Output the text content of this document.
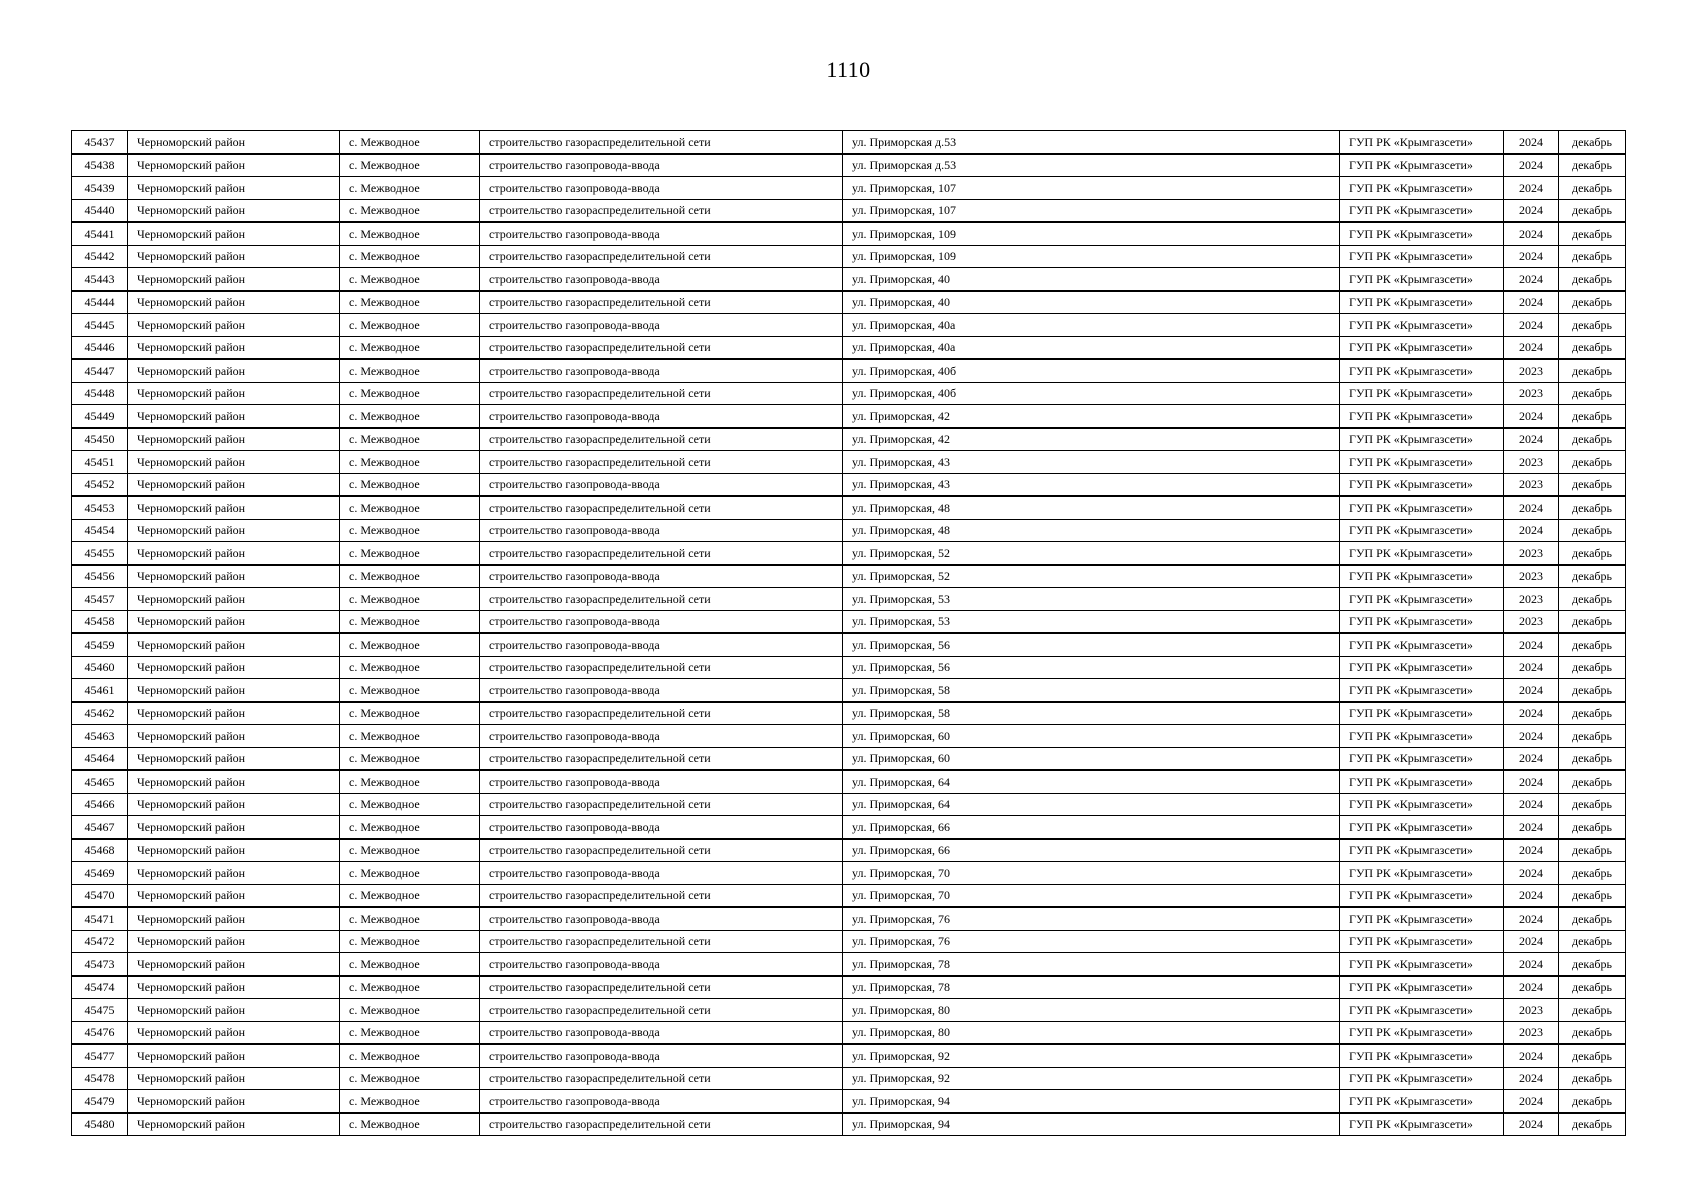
1110
45437	Черноморский район	с. Межводное	строительство газораспределительной сети	ул. Приморская д.53	ГУП РК «Крымгазсети»	2024	декабрь
45438	Черноморский район	с. Межводное	строительство газопровода-ввода	ул. Приморская д.53	ГУП РК «Крымгазсети»	2024	декабрь
45439	Черноморский район	с. Межводное	строительство газопровода-ввода	ул. Приморская, 107	ГУП РК «Крымгазсети»	2024	декабрь
45440	Черноморский район	с. Межводное	строительство газораспределительной сети	ул. Приморская, 107	ГУП РК «Крымгазсети»	2024	декабрь
45441	Черноморский район	с. Межводное	строительство газопровода-ввода	ул. Приморская, 109	ГУП РК «Крымгазсети»	2024	декабрь
45442	Черноморский район	с. Межводное	строительство газораспределительной сети	ул. Приморская, 109	ГУП РК «Крымгазсети»	2024	декабрь
45443	Черноморский район	с. Межводное	строительство газопровода-ввода	ул. Приморская, 40	ГУП РК «Крымгазсети»	2024	декабрь
45444	Черноморский район	с. Межводное	строительство газораспределительной сети	ул. Приморская, 40	ГУП РК «Крымгазсети»	2024	декабрь
45445	Черноморский район	с. Межводное	строительство газопровода-ввода	ул. Приморская, 40а	ГУП РК «Крымгазсети»	2024	декабрь
45446	Черноморский район	с. Межводное	строительство газораспределительной сети	ул. Приморская, 40а	ГУП РК «Крымгазсети»	2024	декабрь
45447	Черноморский район	с. Межводное	строительство газопровода-ввода	ул. Приморская, 40б	ГУП РК «Крымгазсети»	2023	декабрь
45448	Черноморский район	с. Межводное	строительство газораспределительной сети	ул. Приморская, 40б	ГУП РК «Крымгазсети»	2023	декабрь
45449	Черноморский район	с. Межводное	строительство газопровода-ввода	ул. Приморская, 42	ГУП РК «Крымгазсети»	2024	декабрь
45450	Черноморский район	с. Межводное	строительство газораспределительной сети	ул. Приморская, 42	ГУП РК «Крымгазсети»	2024	декабрь
45451	Черноморский район	с. Межводное	строительство газораспределительной сети	ул. Приморская, 43	ГУП РК «Крымгазсети»	2023	декабрь
45452	Черноморский район	с. Межводное	строительство газопровода-ввода	ул. Приморская, 43	ГУП РК «Крымгазсети»	2023	декабрь
45453	Черноморский район	с. Межводное	строительство газораспределительной сети	ул. Приморская, 48	ГУП РК «Крымгазсети»	2024	декабрь
45454	Черноморский район	с. Межводное	строительство газопровода-ввода	ул. Приморская, 48	ГУП РК «Крымгазсети»	2024	декабрь
45455	Черноморский район	с. Межводное	строительство газораспределительной сети	ул. Приморская, 52	ГУП РК «Крымгазсети»	2023	декабрь
45456	Черноморский район	с. Межводное	строительство газопровода-ввода	ул. Приморская, 52	ГУП РК «Крымгазсети»	2023	декабрь
45457	Черноморский район	с. Межводное	строительство газораспределительной сети	ул. Приморская, 53	ГУП РК «Крымгазсети»	2023	декабрь
45458	Черноморский район	с. Межводное	строительство газопровода-ввода	ул. Приморская, 53	ГУП РК «Крымгазсети»	2023	декабрь
45459	Черноморский район	с. Межводное	строительство газопровода-ввода	ул. Приморская, 56	ГУП РК «Крымгазсети»	2024	декабрь
45460	Черноморский район	с. Межводное	строительство газораспределительной сети	ул. Приморская, 56	ГУП РК «Крымгазсети»	2024	декабрь
45461	Черноморский район	с. Межводное	строительство газопровода-ввода	ул. Приморская, 58	ГУП РК «Крымгазсети»	2024	декабрь
45462	Черноморский район	с. Межводное	строительство газораспределительной сети	ул. Приморская, 58	ГУП РК «Крымгазсети»	2024	декабрь
45463	Черноморский район	с. Межводное	строительство газопровода-ввода	ул. Приморская, 60	ГУП РК «Крымгазсети»	2024	декабрь
45464	Черноморский район	с. Межводное	строительство газораспределительной сети	ул. Приморская, 60	ГУП РК «Крымгазсети»	2024	декабрь
45465	Черноморский район	с. Межводное	строительство газопровода-ввода	ул. Приморская, 64	ГУП РК «Крымгазсети»	2024	декабрь
45466	Черноморский район	с. Межводное	строительство газораспределительной сети	ул. Приморская, 64	ГУП РК «Крымгазсети»	2024	декабрь
45467	Черноморский район	с. Межводное	строительство газопровода-ввода	ул. Приморская, 66	ГУП РК «Крымгазсети»	2024	декабрь
45468	Черноморский район	с. Межводное	строительство газораспределительной сети	ул. Приморская, 66	ГУП РК «Крымгазсети»	2024	декабрь
45469	Черноморский район	с. Межводное	строительство газопровода-ввода	ул. Приморская, 70	ГУП РК «Крымгазсети»	2024	декабрь
45470	Черноморский район	с. Межводное	строительство газораспределительной сети	ул. Приморская, 70	ГУП РК «Крымгазсети»	2024	декабрь
45471	Черноморский район	с. Межводное	строительство газопровода-ввода	ул. Приморская, 76	ГУП РК «Крымгазсети»	2024	декабрь
45472	Черноморский район	с. Межводное	строительство газораспределительной сети	ул. Приморская, 76	ГУП РК «Крымгазсети»	2024	декабрь
45473	Черноморский район	с. Межводное	строительство газопровода-ввода	ул. Приморская, 78	ГУП РК «Крымгазсети»	2024	декабрь
45474	Черноморский район	с. Межводное	строительство газораспределительной сети	ул. Приморская, 78	ГУП РК «Крымгазсети»	2024	декабрь
45475	Черноморский район	с. Межводное	строительство газораспределительной сети	ул. Приморская, 80	ГУП РК «Крымгазсети»	2023	декабрь
45476	Черноморский район	с. Межводное	строительство газопровода-ввода	ул. Приморская, 80	ГУП РК «Крымгазсети»	2023	декабрь
45477	Черноморский район	с. Межводное	строительство газопровода-ввода	ул. Приморская, 92	ГУП РК «Крымгазсети»	2024	декабрь
45478	Черноморский район	с. Межводное	строительство газораспределительной сети	ул. Приморская, 92	ГУП РК «Крымгазсети»	2024	декабрь
45479	Черноморский район	с. Межводное	строительство газопровода-ввода	ул. Приморская, 94	ГУП РК «Крымгазсети»	2024	декабрь
45480	Черноморский район	с. Межводное	строительство газораспределительной сети	ул. Приморская, 94	ГУП РК «Крымгазсети»	2024	декабрь
